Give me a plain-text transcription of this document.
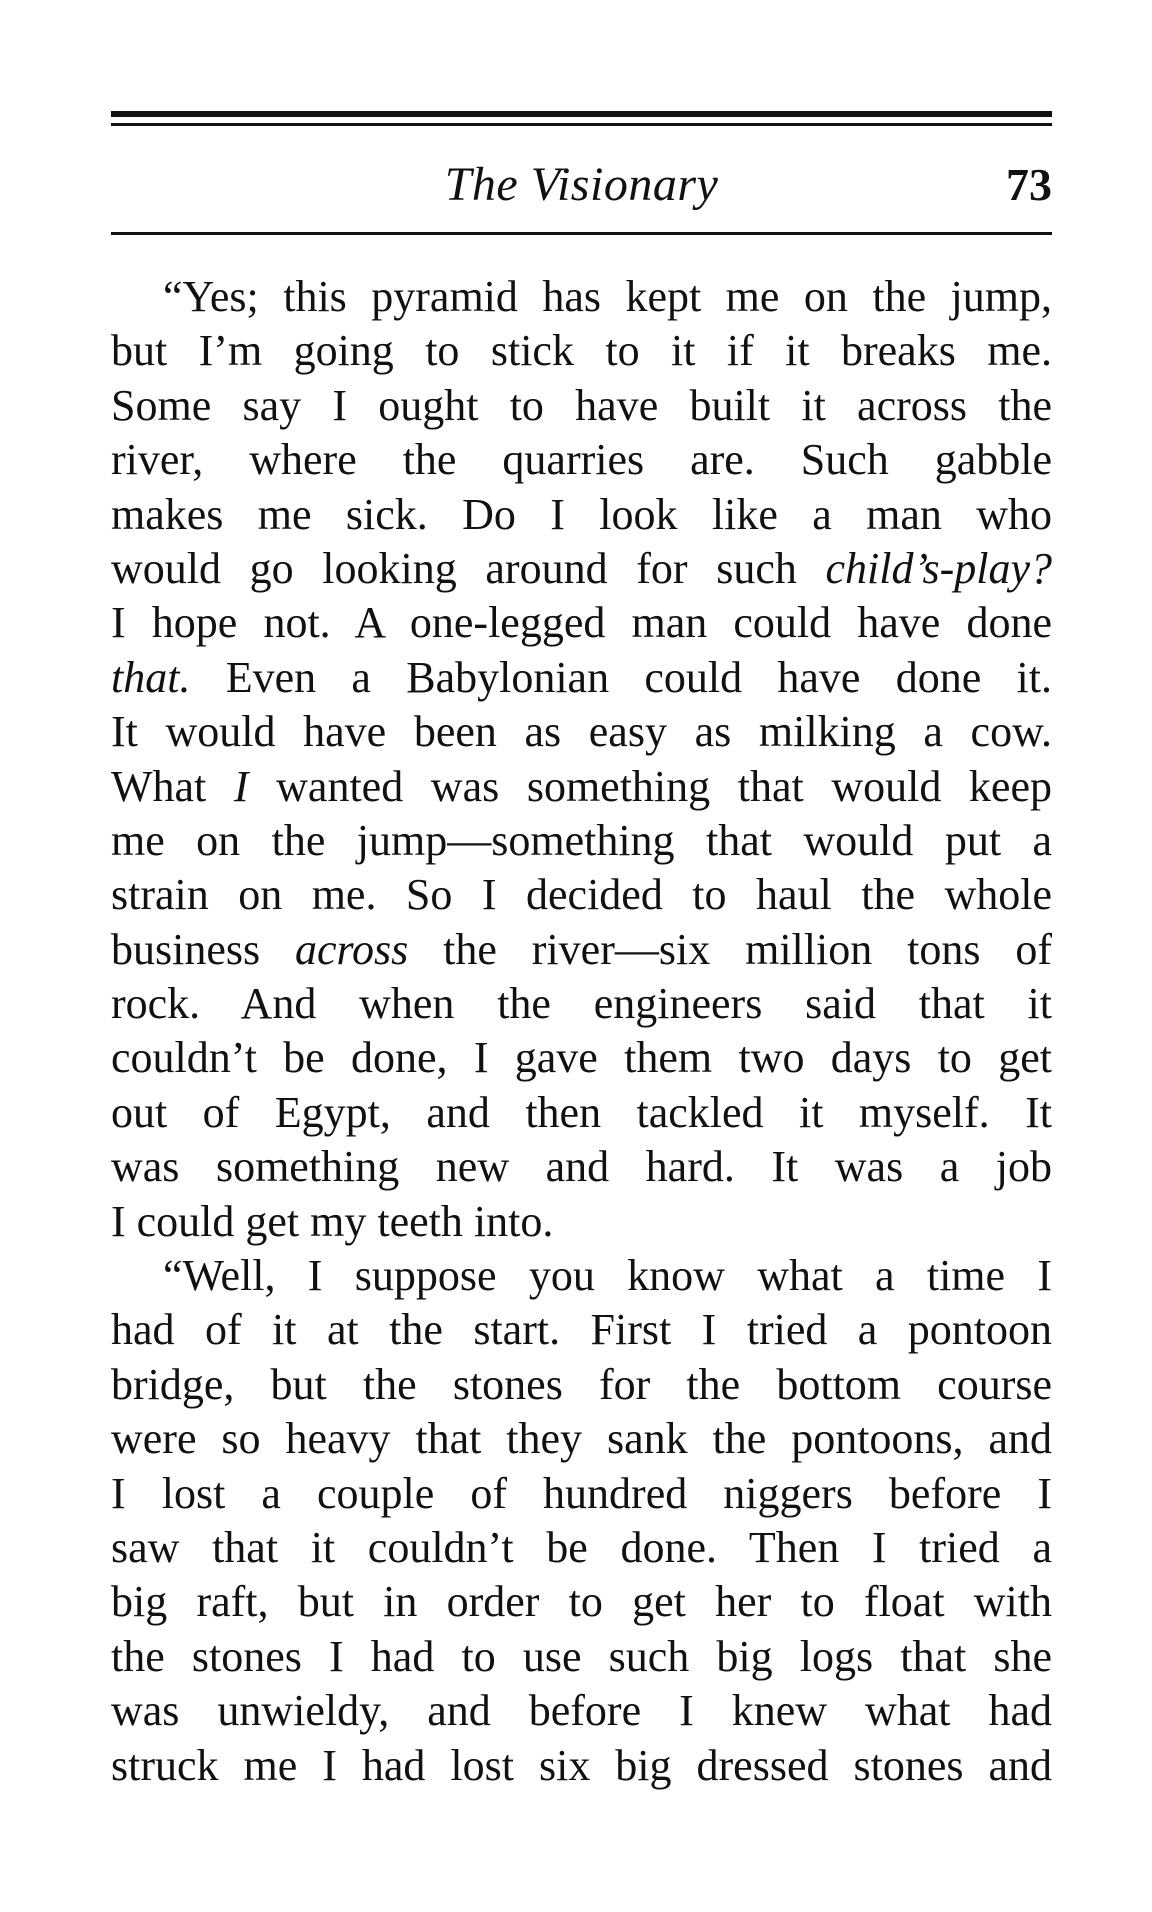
The Visionary	73
“Yes; this pyramid has kept me on the jump,
but I’m going to stick to it if it breaks me.
Some say I ought to have built it across the
river, where the quarries are. Such gabble
makes me sick. Do I look like a man who
would go looking around for such child’s-play?
I hope not. A one-legged man could have done
that. Even a Babylonian could have done it.
It would have been as easy as milking a cow.
What I wanted was something that would keep
me on the jump—something that would put a
strain on me. So I decided to haul the whole
business across the river—six million tons of
rock. And when the engineers said that it
couldn’t be done, I gave them two days to get
out of Egypt, and then tackled it myself. It
was something new and hard. It was a job
I could get my teeth into.
“Well, I suppose you know what a time I
had of it at the start. First I tried a pontoon
bridge, but the stones for the bottom course
were so heavy that they sank the pontoons, and
I lost a couple of hundred niggers before I
saw that it couldn’t be done. Then I tried a
big raft, but in order to get her to float with
the stones I had to use such big logs that she
was unwieldy, and before I knew what had
struck me I had lost six big dressed stones and
